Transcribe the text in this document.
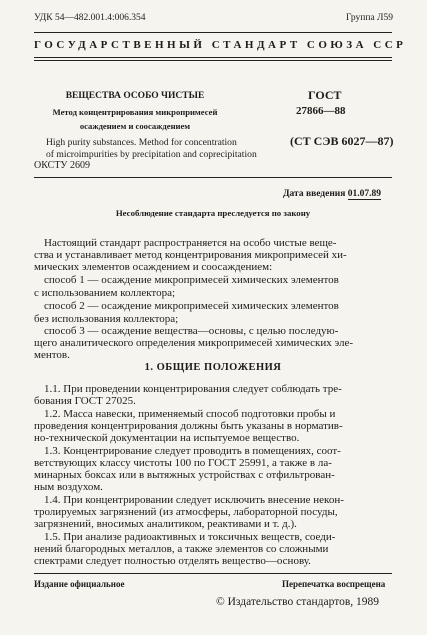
УДК 54—482.001.4:006.354	Группа Л59
ГОСУДАРСТВЕННЫЙ СТАНДАРТ СОЮЗА ССР
ВЕЩЕСТВА ОСОБО ЧИСТЫЕ
Метод концентрирования микропримесей
осаждением и соосаждением
High purity substances. Method for concentration
of microimpurities by precipitation and coprecipitation
ГОСТ
27866—88
(СТ СЭВ 6027—87)
ОКСТУ 2609
Дата введения 01.07.89
Несоблюдение стандарта преследуется по закону
Настоящий стандарт распространяется на особо чистые веще-
ства и устанавливает метод концентрирования микропримесей хи-
мических элементов осаждением и соосаждением:
способ 1 — осаждение микропримесей химических элементов
с использованием коллектора;
способ 2 — осаждение микропримесей химических элементов
без использования коллектора;
способ 3 — осаждение вещества—основы, с целью последую-
щего аналитического определения микропримесей химических эле-
ментов.
1. ОБЩИЕ ПОЛОЖЕНИЯ
1.1. При проведении концентрирования следует соблюдать тре-
бования ГОСТ 27025.
1.2. Масса навески, применяемый способ подготовки пробы и
проведения концентрирования должны быть указаны в норматив-
но-технической документации на испытуемое вещество.
1.3. Концентрирование следует проводить в помещениях, соот-
ветствующих классу чистоты 100 по ГОСТ 25991, а также в ла-
минарных боксах или в вытяжных устройствах с отфильтрован-
ным воздухом.
1.4. При концентрировании следует исключить внесение некон-
тролируемых загрязнений (из атмосферы, лабораторной посуды,
загрязнений, вносимых аналитиком, реактивами и т. д.).
1.5. При анализе радиоактивных и токсичных веществ, соеди-
нений благородных металлов, а также элементов со сложными
спектрами следует полностью отделять вещество—основу.
Издание официальное	Перепечатка воспрещена
© Издательство стандартов, 1989
